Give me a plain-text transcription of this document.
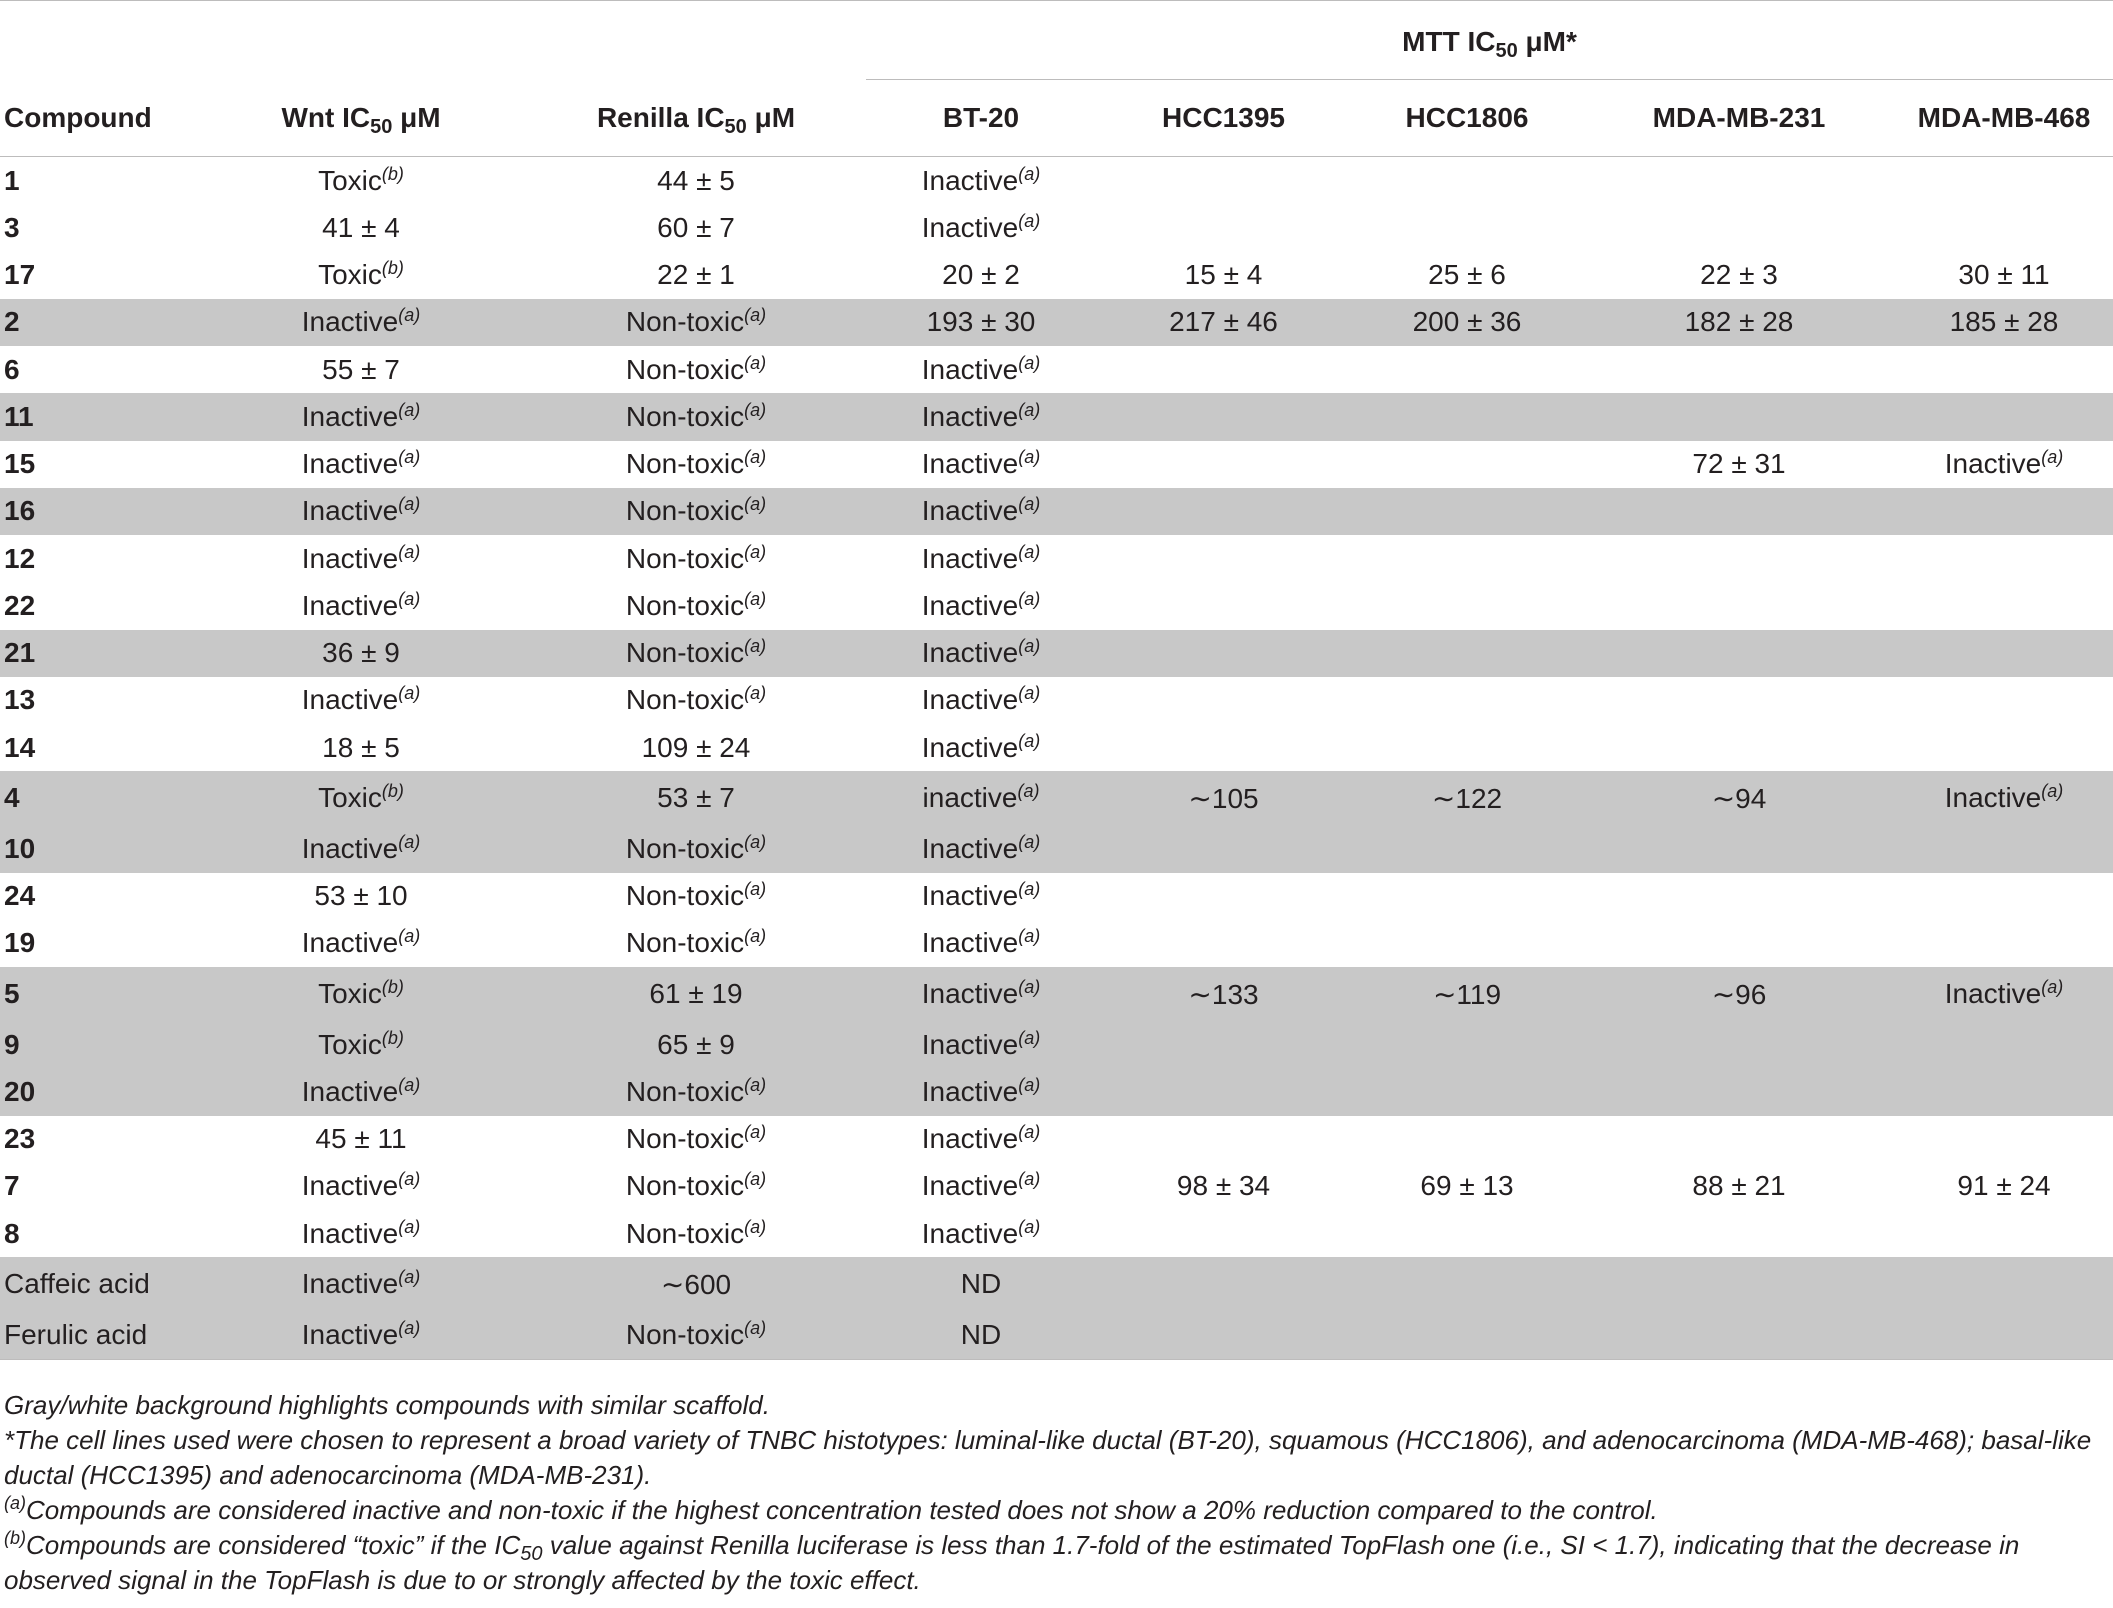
			MTT $IC_{50}$ μM*				
Compound	Wnt $IC_{50}$ μM	Renilla $IC_{50}$ μM	BT-20	HCC1395	HCC1806	MDA-MB-231	MDA-MB-468
1	Toxic$^{(b)}$	44 ± 5	Inactive$^{(a)}$				
3	41 ± 4	60 ± 7	Inactive$^{(a)}$				
17	Toxic$^{(b)}$	22 ± 1	20 ± 2	15 ± 4	25 ± 6	22 ± 3	30 ± 11
2	Inactive$^{(a)}$	Non-toxic$^{(a)}$	193 ± 30	217 ± 46	200 ± 36	182 ± 28	185 ± 28
6	55 ± 7	Non-toxic$^{(a)}$	Inactive$^{(a)}$				
11	Inactive$^{(a)}$	Non-toxic$^{(a)}$	Inactive$^{(a)}$				
15	Inactive$^{(a)}$	Non-toxic$^{(a)}$	Inactive$^{(a)}$			72 ± 31	Inactive$^{(a)}$
16	Inactive$^{(a)}$	Non-toxic$^{(a)}$	Inactive$^{(a)}$				
12	Inactive$^{(a)}$	Non-toxic$^{(a)}$	Inactive$^{(a)}$				
22	Inactive$^{(a)}$	Non-toxic$^{(a)}$	Inactive$^{(a)}$				
21	36 ± 9	Non-toxic$^{(a)}$	Inactive$^{(a)}$				
13	Inactive$^{(a)}$	Non-toxic$^{(a)}$	Inactive$^{(a)}$				
14	18 ± 5	109 ± 24	Inactive$^{(a)}$				
4	Toxic$^{(b)}$	53 ± 7	inactive$^{(a)}$	∼105	∼122	∼94	Inactive$^{(a)}$
10	Inactive$^{(a)}$	Non-toxic$^{(a)}$	Inactive$^{(a)}$				
24	53 ± 10	Non-toxic$^{(a)}$	Inactive$^{(a)}$				
19	Inactive$^{(a)}$	Non-toxic$^{(a)}$	Inactive$^{(a)}$				
5	Toxic$^{(b)}$	61 ± 19	Inactive$^{(a)}$	∼133	∼119	∼96	Inactive$^{(a)}$
9	Toxic$^{(b)}$	65 ± 9	Inactive$^{(a)}$				
20	Inactive$^{(a)}$	Non-toxic$^{(a)}$	Inactive$^{(a)}$				
23	45 ± 11	Non-toxic$^{(a)}$	Inactive$^{(a)}$				
7	Inactive$^{(a)}$	Non-toxic$^{(a)}$	Inactive$^{(a)}$	98 ± 34	69 ± 13	88 ± 21	91 ± 24
8	Inactive$^{(a)}$	Non-toxic$^{(a)}$	Inactive$^{(a)}$				
Caffeic acid	Inactive$^{(a)}$	∼600	ND				
Ferulic acid	Inactive$^{(a)}$	Non-toxic$^{(a)}$	ND				

Gray/white background highlights compounds with similar scaffold.

*The cell lines used were chosen to represent a broad variety of TNBC histotypes: luminal-like ductal (BT-20), squamous (HCC1806), and adenocarcinoma (MDA-MB-468); basal-like ductal (HCC1395) and adenocarcinoma (MDA-MB-231).

$^{(a)}$Compounds are considered inactive and non-toxic if the highest concentration tested does not show a 20% reduction compared to the control.

$^{(b)}$Compounds are considered “toxic” if the $IC_{50}$ value against Renilla luciferase is less than 1.7-fold of the estimated TopFlash one (i.e., SI < 1.7), indicating that the decrease in observed signal in the TopFlash is due to or strongly affected by the toxic effect.
